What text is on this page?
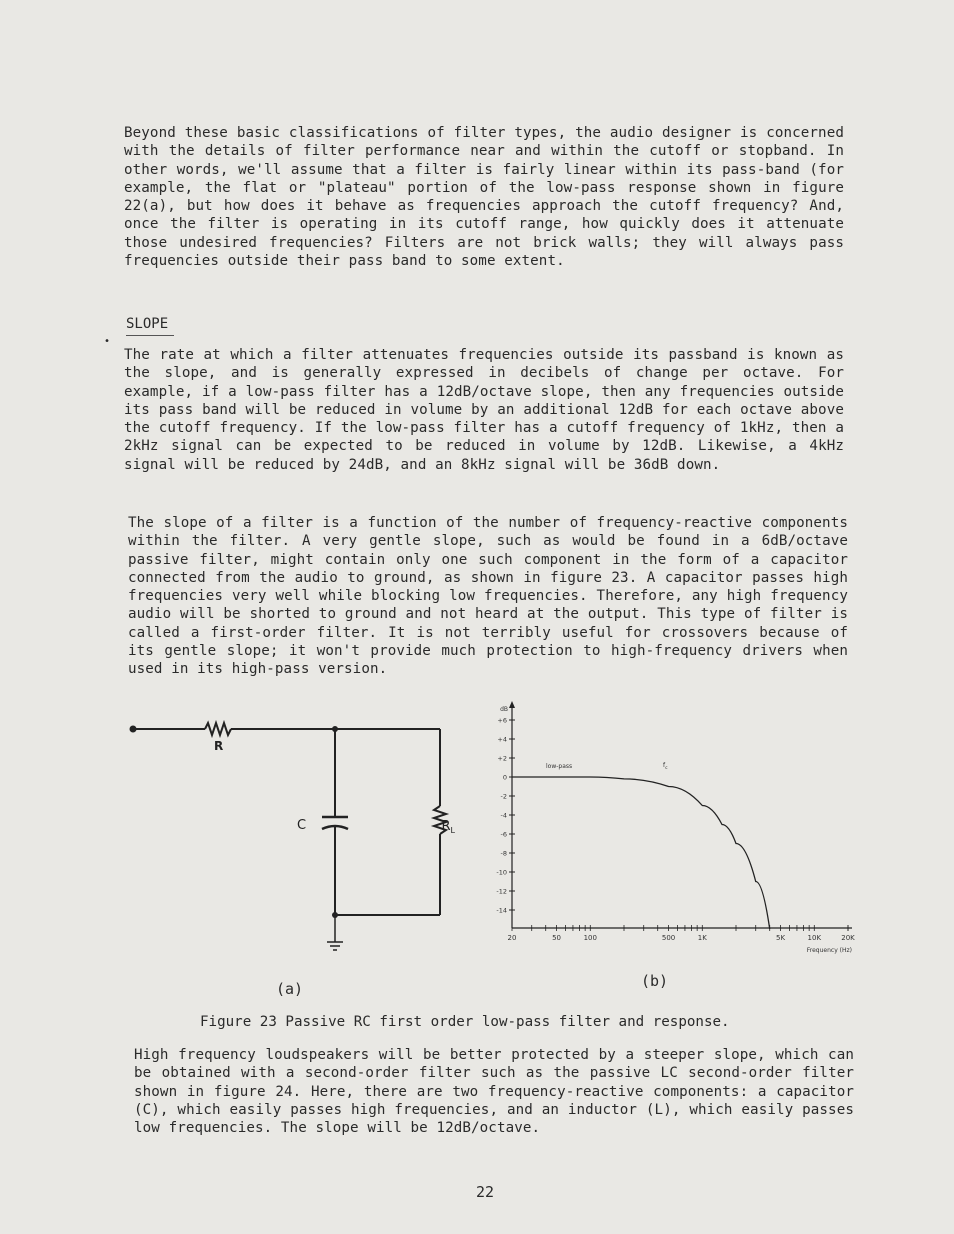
Beyond these basic classifications of filter types, the audio designer is concerned with the details of filter performance near and within the cutoff or stopband. In other words, we'll assume that a filter is fairly linear within its pass-band (for example, the flat or "plateau" portion of the low-pass response shown in figure 22(a), but how does it behave as frequencies approach the cutoff frequency? And, once the filter is operating in its cutoff range, how quickly does it attenuate those undesired frequencies? Filters are not brick walls; they will always pass frequencies outside their pass band to some extent.

•

SLOPE

The rate at which a filter attenuates frequencies outside its passband is known as the slope, and is generally expressed in decibels of change per octave. For example, if a low-pass filter has a 12dB/octave slope, then any frequencies outside its pass band will be reduced in volume by an additional 12dB for each octave above the cutoff frequency. If the low-pass filter has a cutoff frequency of 1kHz, then a 2kHz signal can be expected to be reduced in volume by 12dB. Likewise, a 4kHz signal will be reduced by 24dB, and an 8kHz signal will be 36dB down.

The slope of a filter is a function of the number of frequency-reactive components within the filter. A very gentle slope, such as would be found in a 6dB/octave passive filter, might contain only one such component in the form of a capacitor connected from the audio to ground, as shown in figure 23. A capacitor passes high frequencies very well while blocking low frequencies. Therefore, any high frequency audio will be shorted to ground and not heard at the output. This type of filter is called a first-order filter. It is not terribly useful for crossovers because of its gentle slope; it won't provide much protection to high-frequency drivers when used in its high-pass version.

R
C	$R_L$
dB
+6
+4
+2
0
-2
-4
-6
-8
-10
-12
-14
20	50	100	500	1K	5K	10K	20K
Frequency (Hz)
low-pass	$f_c$

(a)	(b)

Figure 23 Passive RC first order low-pass filter and response.

High frequency loudspeakers will be better protected by a steeper slope, which can be obtained with a second-order filter such as the passive LC second-order filter shown in figure 24. Here, there are two frequency-reactive components: a capacitor (C), which easily passes high frequencies, and an inductor (L), which easily passes low frequencies. The slope will be 12dB/octave.

22
